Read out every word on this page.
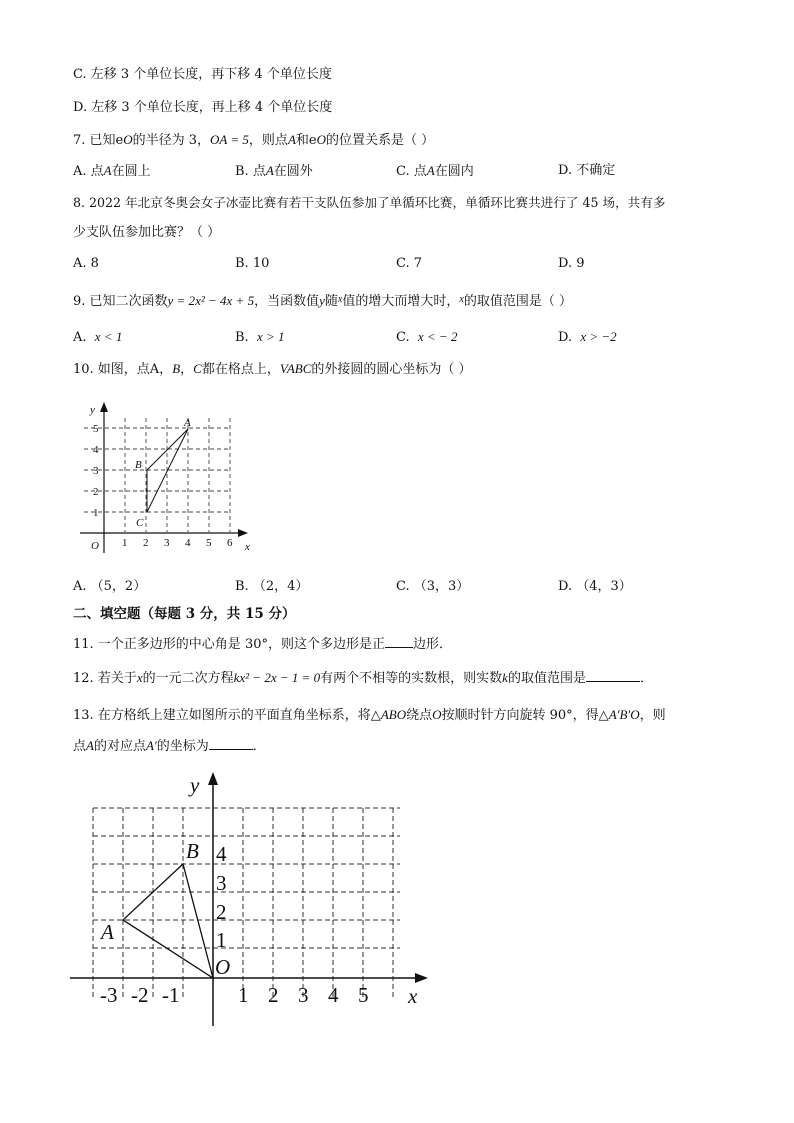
C. 左移 3 个单位长度，再下移 4 个单位长度
D. 左移 3 个单位长度，再上移 4 个单位长度
7. 已知eO的半径为 3，OA = 5，则点A和eO的位置关系是（ ）
A. 点A在圆上	B. 点A在圆外	C. 点A在圆内	D. 不确定
8. 2022 年北京冬奥会女子冰壶比赛有若干支队伍参加了单循环比赛，单循环比赛共进行了 45 场，共有多
少支队伍参加比赛？（ ）
A. 8	B. 10	C. 7	D. 9
9. 已知二次函数y = 2x² − 4x + 5，当函数值y随$^x$值的增大而增大时，$^x$的取值范围是（ ）
A. x < 1	B. x > 1	C. x < − 2	D. x > −2
10. 如图，点A，B，C都在格点上，VABC的外接圆的圆心坐标为（ ）
O	x
y
1 2 3 4 5 6
1
2
3
4
5	A
B
C
A. （5，2）	B. （2，4）	C. （3，3）	D. （4，3）
二、填空题（每题 3 分，共 15 分）
11. 一个正多边形的中心角是 30°，则这个多边形是正 边形．
12. 若关于x的一元二次方程kx² − 2x − 1 = 0有两个不相等的实数根，则实数k的取值范围是	．
13. 在方格纸上建立如图所示的平面直角坐标系，将△ABO绕点O按顺时针方向旋转 90°，得△A′B′O，则
点A的对应点A′的坐标为	．
y
x
O
A
B
-3 -2 -1	1 2 3 4 5
1
2
3
4
